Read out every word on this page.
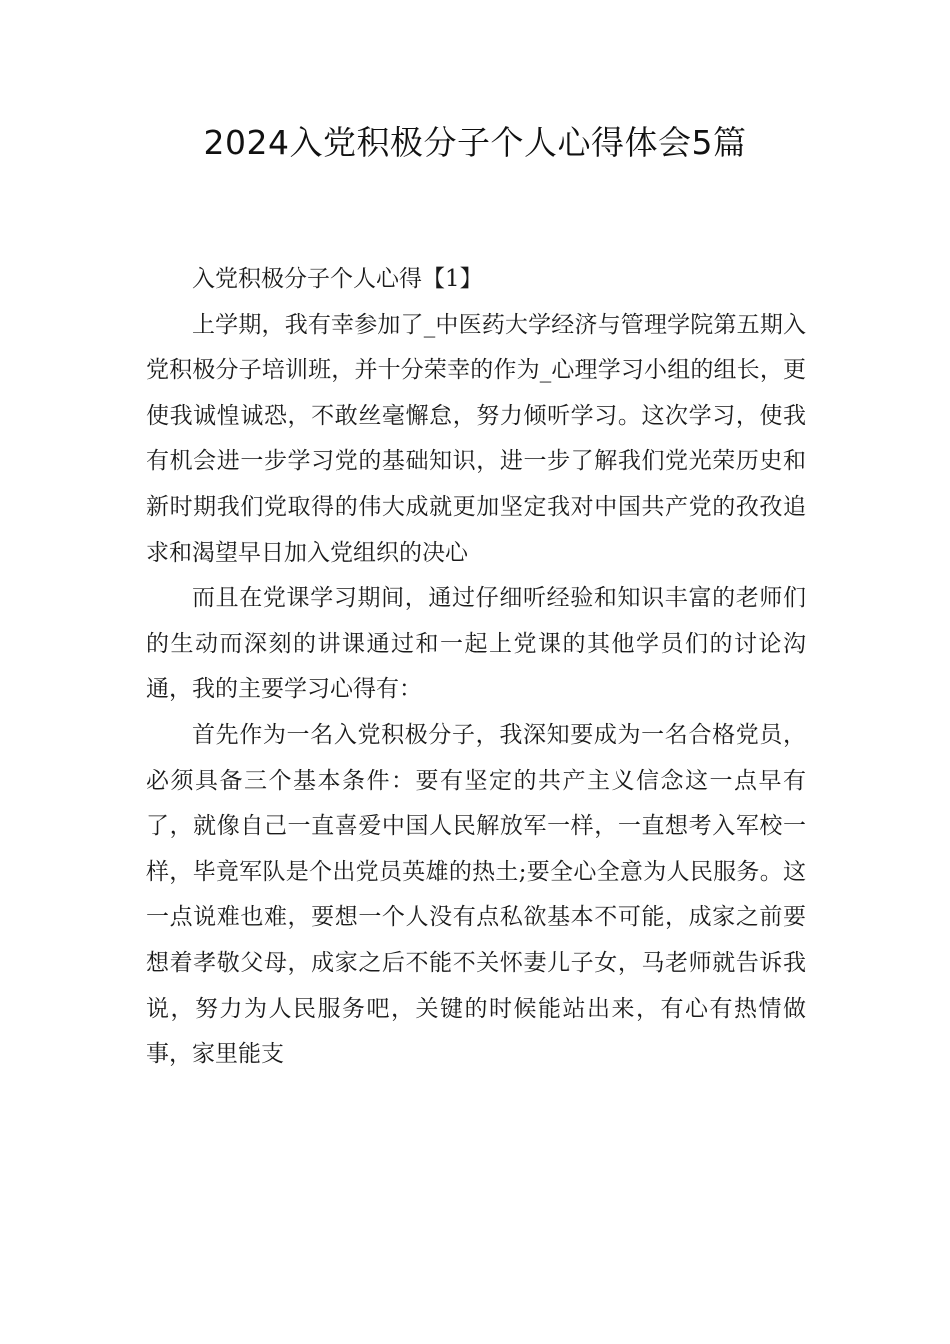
2024入党积极分子个人心得体会5篇

入党积极分子个人心得【1】

上学期，我有幸参加了_中医药大学经济与管理学院第五期入党积极分子培训班，并十分荣幸的作为_心理学习小组的组长，更使我诚惶诚恐，不敢丝毫懈怠，努力倾听学习。这次学习，使我有机会进一步学习党的基础知识，进一步了解我们党光荣历史和新时期我们党取得的伟大成就更加坚定我对中国共产党的孜孜追求和渴望早日加入党组织的决心

而且在党课学习期间，通过仔细听经验和知识丰富的老师们的生动而深刻的讲课通过和一起上党课的其他学员们的讨论沟通，我的主要学习心得有：

首先作为一名入党积极分子，我深知要成为一名合格党员，必须具备三个基本条件：要有坚定的共产主义信念这一点早有了，就像自己一直喜爱中国人民解放军一样，一直想考入军校一样，毕竟军队是个出党员英雄的热土;要全心全意为人民服务。这一点说难也难，要想一个人没有点私欲基本不可能，成家之前要想着孝敬父母，成家之后不能不关怀妻儿子女，马老师就告诉我说，努力为人民服务吧，关键的时候能站出来，有心有热情做事，家里能支
